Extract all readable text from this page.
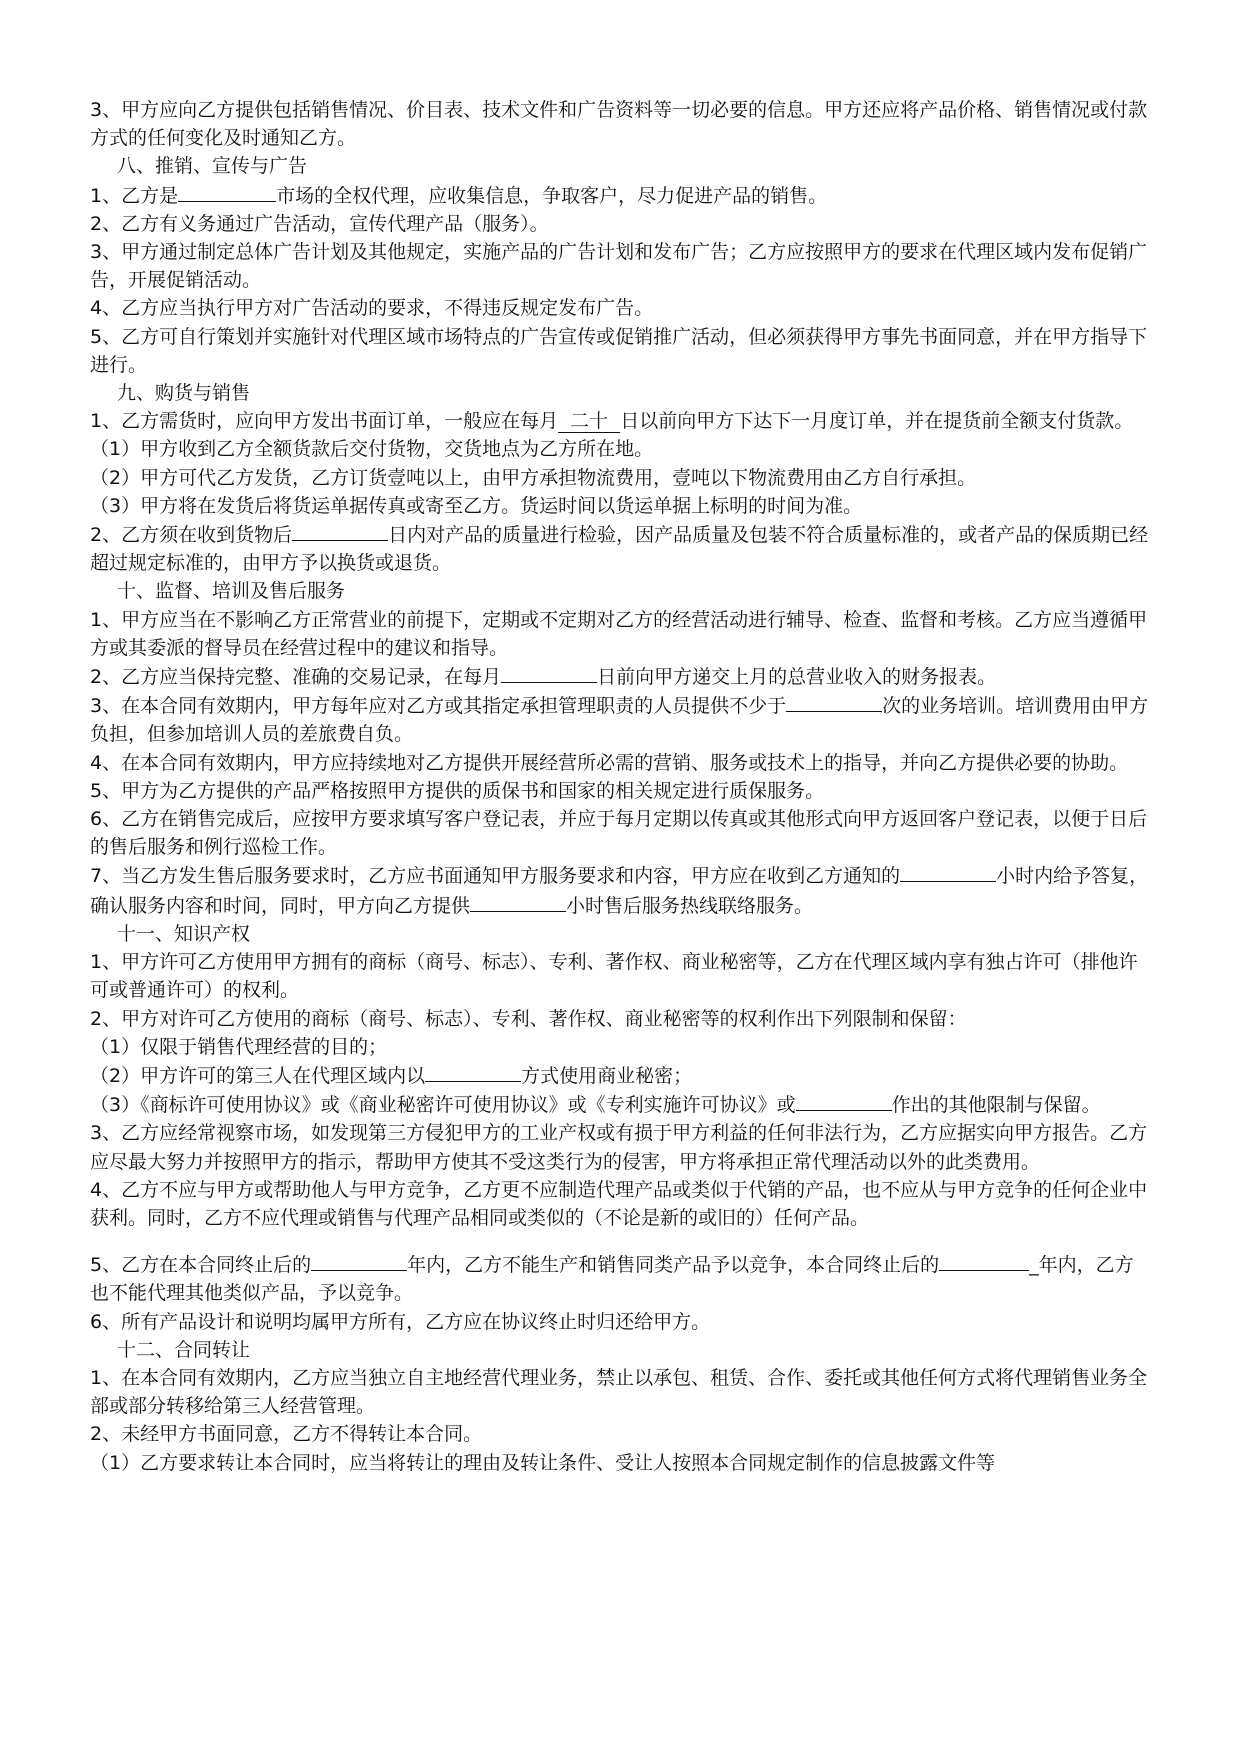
3、甲方应向乙方提供包括销售情况、价目表、技术文件和广告资料等一切必要的信息。甲方还应将产品价格、销售情况或付款方式的任何变化及时通知乙方。

八、推销、宣传与广告

1、乙方是	市场的全权代理，应收集信息，争取客户，尽力促进产品的销售。

2、乙方有义务通过广告活动，宣传代理产品（服务）。

3、甲方通过制定总体广告计划及其他规定，实施产品的广告计划和发布广告；乙方应按照甲方的要求在代理区域内发布促销广告，开展促销活动。

4、乙方应当执行甲方对广告活动的要求，不得违反规定发布广告。

5、乙方可自行策划并实施针对代理区域市场特点的广告宣传或促销推广活动，但必须获得甲方事先书面同意，并在甲方指导下进行。

九、购货与销售

1、乙方需货时，应向甲方发出书面订单，一般应在每月  二十  日以前向甲方下达下一月度订单，并在提货前全额支付货款。

（1）甲方收到乙方全额货款后交付货物，交货地点为乙方所在地。

（2）甲方可代乙方发货，乙方订货壹吨以上，由甲方承担物流费用，壹吨以下物流费用由乙方自行承担。

（3）甲方将在发货后将货运单据传真或寄至乙方。货运时间以货运单据上标明的时间为准。

2、乙方须在收到货物后	日内对产品的质量进行检验，因产品质量及包装不符合质量标准的，或者产品的保质期已经超过规定标准的，由甲方予以换货或退货。

十、监督、培训及售后服务

1、甲方应当在不影响乙方正常营业的前提下，定期或不定期对乙方的经营活动进行辅导、检查、监督和考核。乙方应当遵循甲方或其委派的督导员在经营过程中的建议和指导。

2、乙方应当保持完整、准确的交易记录，在每月	日前向甲方递交上月的总营业收入的财务报表。

3、在本合同有效期内，甲方每年应对乙方或其指定承担管理职责的人员提供不少于	次的业务培训。培训费用由甲方负担，但参加培训人员的差旅费自负。

4、在本合同有效期内，甲方应持续地对乙方提供开展经营所必需的营销、服务或技术上的指导，并向乙方提供必要的协助。

5、甲方为乙方提供的产品严格按照甲方提供的质保书和国家的相关规定进行质保服务。

6、乙方在销售完成后，应按甲方要求填写客户登记表，并应于每月定期以传真或其他形式向甲方返回客户登记表，以便于日后的售后服务和例行巡检工作。

7、当乙方发生售后服务要求时，乙方应书面通知甲方服务要求和内容，甲方应在收到乙方通知的	小时内给予答复，确认服务内容和时间，同时，甲方向乙方提供	小时售后服务热线联络服务。

十一、知识产权

1、甲方许可乙方使用甲方拥有的商标（商号、标志）、专利、著作权、商业秘密等，乙方在代理区域内享有独占许可（排他许可或普通许可）的权利。

2、甲方对许可乙方使用的商标（商号、标志）、专利、著作权、商业秘密等的权利作出下列限制和保留：

（1）仅限于销售代理经营的目的；

（2）甲方许可的第三人在代理区域内以	方式使用商业秘密；

（3）《商标许可使用协议》或《商业秘密许可使用协议》或《专利实施许可协议》或	作出的其他限制与保留。

3、乙方应经常视察市场，如发现第三方侵犯甲方的工业产权或有损于甲方利益的任何非法行为，乙方应据实向甲方报告。乙方应尽最大努力并按照甲方的指示，帮助甲方使其不受这类行为的侵害，甲方将承担正常代理活动以外的此类费用。

4、乙方不应与甲方或帮助他人与甲方竞争，乙方更不应制造代理产品或类似于代销的产品，也不应从与甲方竞争的任何企业中获利。同时，乙方不应代理或销售与代理产品相同或类似的（不论是新的或旧的）任何产品。

5、乙方在本合同终止后的	年内，乙方不能生产和销售同类产品予以竞争，本合同终止后的	_年内，乙方也不能代理其他类似产品，予以竞争。

6、所有产品设计和说明均属甲方所有，乙方应在协议终止时归还给甲方。

十二、合同转让

1、在本合同有效期内，乙方应当独立自主地经营代理业务，禁止以承包、租赁、合作、委托或其他任何方式将代理销售业务全部或部分转移给第三人经营管理。

2、未经甲方书面同意，乙方不得转让本合同。

（1）乙方要求转让本合同时，应当将转让的理由及转让条件、受让人按照本合同规定制作的信息披露文件等
